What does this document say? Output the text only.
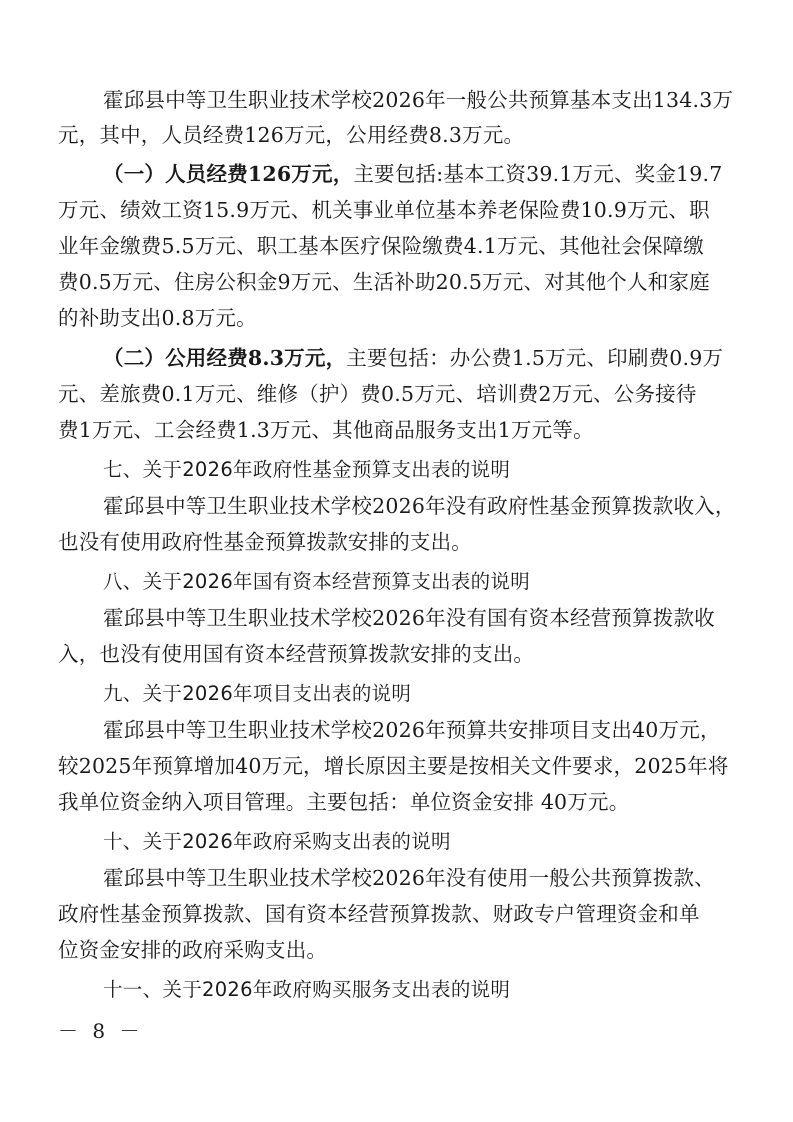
霍邱县中等卫生职业技术学校2026年一般公共预算基本支出134.3万
元，其中，人员经费126万元，公用经费8.3万元。
（一）人员经费126万元，主要包括:基本工资39.1万元、奖金19.7
万元、绩效工资15.9万元、机关事业单位基本养老保险费10.9万元、职
业年金缴费5.5万元、职工基本医疗保险缴费4.1万元、其他社会保障缴
费0.5万元、住房公积金9万元、生活补助20.5万元、对其他个人和家庭
的补助支出0.8万元。
（二）公用经费8.3万元，主要包括：办公费1.5万元、印刷费0.9万
元、差旅费0.1万元、维修（护）费0.5万元、培训费2万元、公务接待
费1万元、工会经费1.3万元、其他商品服务支出1万元等。
七、关于2026年政府性基金预算支出表的说明
霍邱县中等卫生职业技术学校2026年没有政府性基金预算拨款收入，
也没有使用政府性基金预算拨款安排的支出。
八、关于2026年国有资本经营预算支出表的说明
霍邱县中等卫生职业技术学校2026年没有国有资本经营预算拨款收
入，也没有使用国有资本经营预算拨款安排的支出。
九、关于2026年项目支出表的说明
霍邱县中等卫生职业技术学校2026年预算共安排项目支出40万元，
较2025年预算增加40万元，增长原因主要是按相关文件要求，2025年将
我单位资金纳入项目管理。主要包括：单位资金安排 40万元。
十、关于2026年政府采购支出表的说明
霍邱县中等卫生职业技术学校2026年没有使用一般公共预算拨款、
政府性基金预算拨款、国有资本经营预算拨款、财政专户管理资金和单
位资金安排的政府采购支出。
十一、关于2026年政府购买服务支出表的说明
－ 8 －
